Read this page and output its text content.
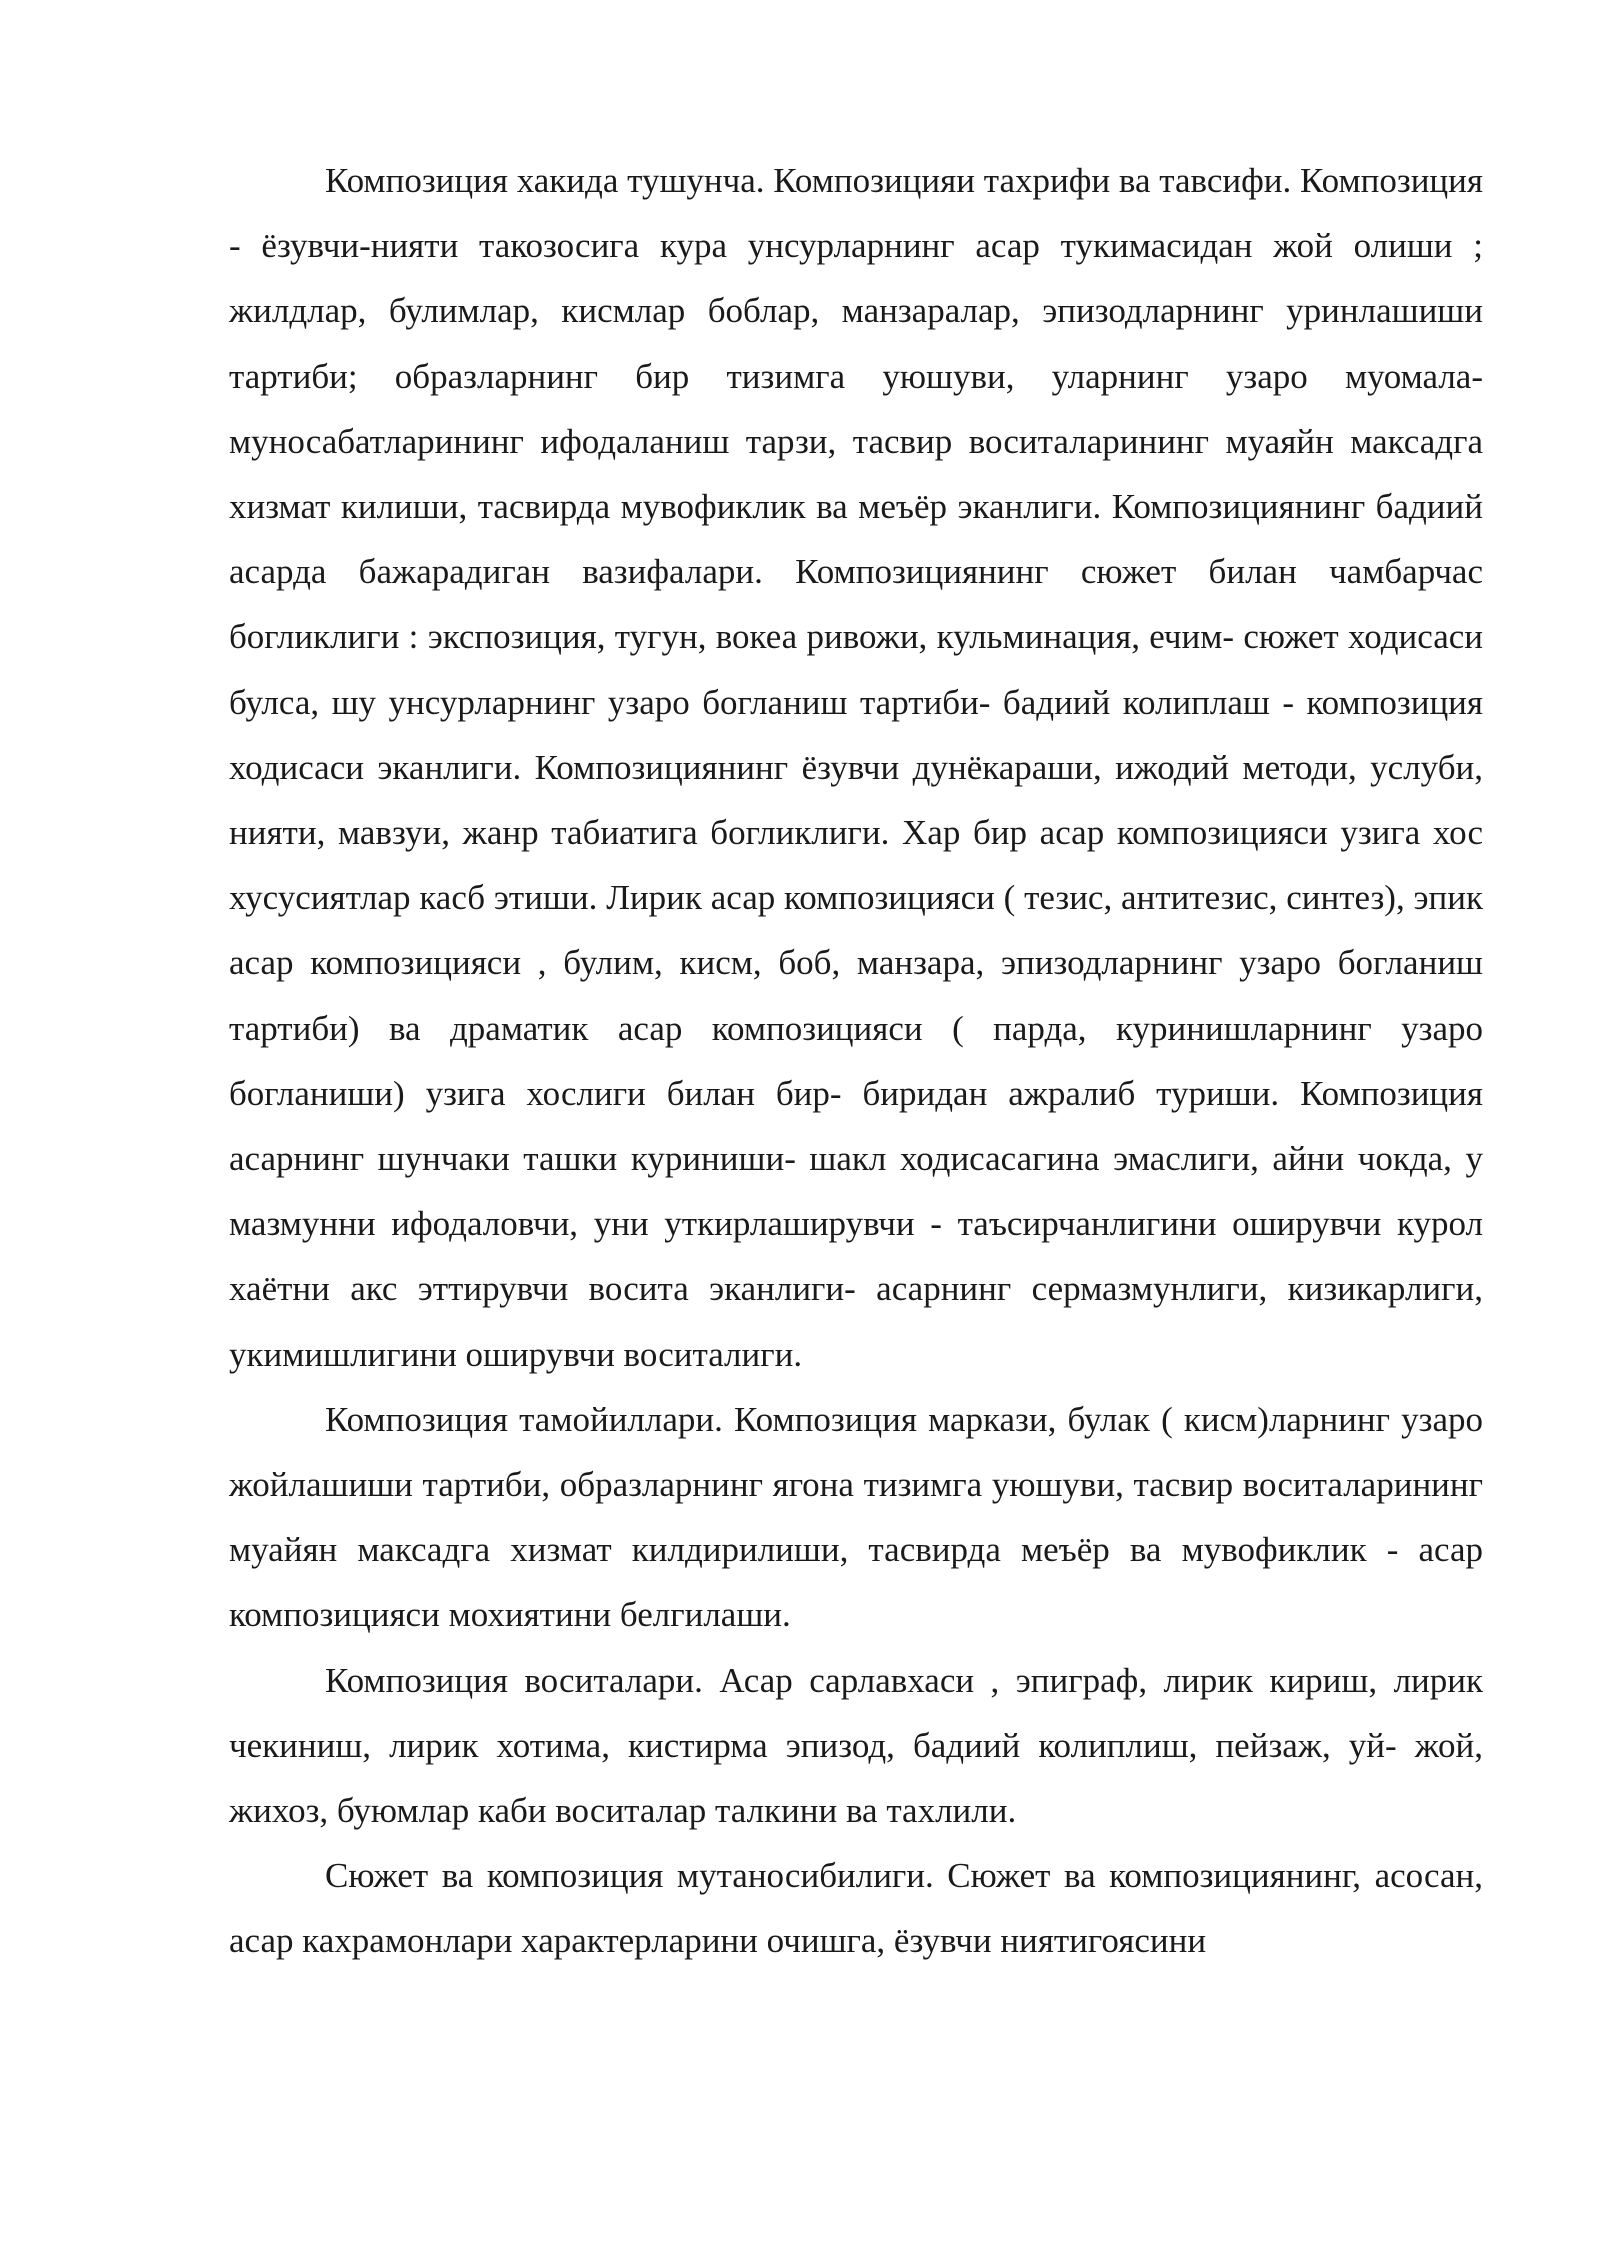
Композиция хакида тушунча. Композицияи тахрифи ва тавсифи. Композиция - ёзувчи-нияти такозосига кура унсурларнинг асар тукимасидан жой олиши ; жилдлар, булимлар, кисмлар боблар, манзаралар, эпизодларнинг уринлашиши тартиби; образларнинг бир тизимга уюшуви, уларнинг узаро муомала- муносабатларининг ифодаланиш тарзи, тасвир воситаларининг муаяйн максадга хизмат килиши, тасвирда мувофиклик ва меъёр эканлиги. Композициянинг бадиий асарда бажарадиган вазифалари. Композициянинг сюжет билан чамбарчас богликлиги : экспозиция, тугун, вокеа ривожи, кульминация, ечим- сюжет ходисаси булса, шу унсурларнинг узаро богланиш тартиби- бадиий колиплаш - композиция ходисаси эканлиги. Композициянинг ёзувчи дунёкараши, ижодий методи, услуби, нияти, мавзуи, жанр табиатига богликлиги. Хар бир асар композицияси узига хос хусусиятлар касб этиши. Лирик асар композицияси ( тезис, антитезис, синтез), эпик асар композицияси , булим, кисм, боб, манзара, эпизодларнинг узаро богланиш тартиби) ва драматик асар композицияси ( парда, куринишларнинг узаро богланиши) узига хослиги билан бир- биридан ажралиб туриши. Композиция асарнинг шунчаки ташки куриниши- шакл ходисасагина эмаслиги, айни чокда, у мазмунни ифодаловчи, уни уткирлаширувчи - таъсирчанлигини оширувчи курол хаётни акс эттирувчи восита эканлиги- асарнинг сермазмунлиги, кизикарлиги, укимишлигини оширувчи воситалиги.

Композиция тамойиллари. Композиция маркази, булак ( кисм)ларнинг узаро жойлашиши тартиби, образларнинг ягона тизимга уюшуви, тасвир воситаларининг муайян максадга хизмат килдирилиши, тасвирда меъёр ва мувофиклик - асар композицияси мохиятини белгилаши.

Композиция воситалари. Асар сарлавхаси , эпиграф, лирик кириш, лирик чекиниш, лирик хотима, кистирма эпизод, бадиий колиплиш, пейзаж, уй- жой, жихоз, буюмлар каби воситалар талкини ва тахлили.

Сюжет ва композиция мутаносибилиги. Сюжет ва композициянинг, асосан, асар кахрамонлари характерларини очишга, ёзувчи ниятигоясини
